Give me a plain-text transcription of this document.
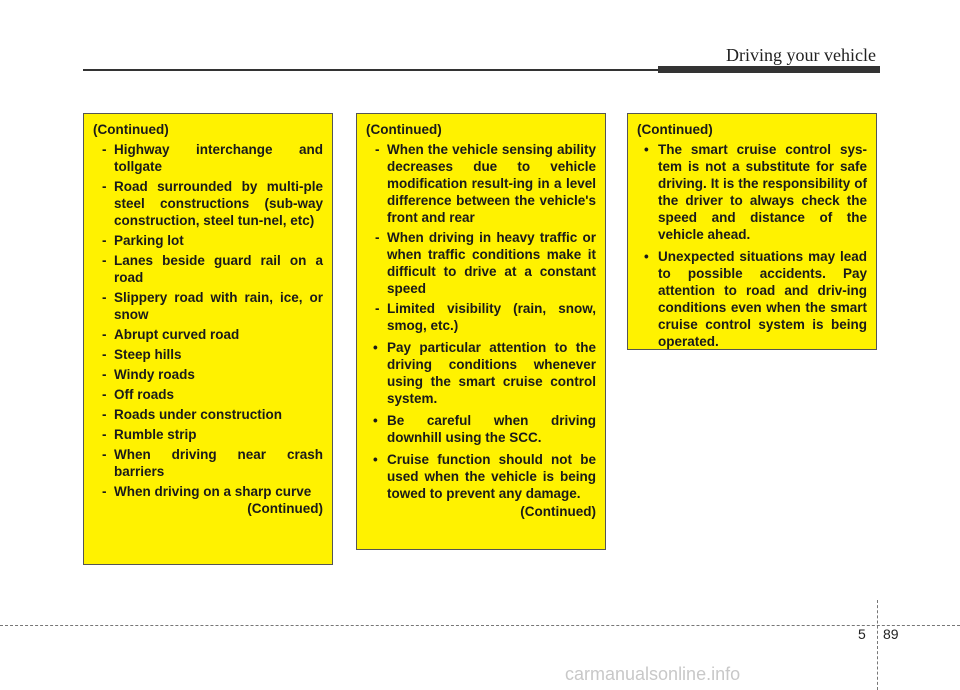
Driving your vehicle
(Continued)
- Highway interchange and tollgate
- Road surrounded by multi-ple steel constructions (sub-way construction, steel tun-nel, etc)
- Parking lot
- Lanes beside guard rail on a road
- Slippery road with rain, ice, or snow
- Abrupt curved road
- Steep hills
- Windy roads
- Off roads
- Roads under construction
- Rumble strip
- When driving near crash barriers
- When driving on a sharp curve
(Continued)
(Continued)
- When the vehicle sensing ability decreases due to vehicle modification result-ing in a level difference between the vehicle's front and rear
- When driving in heavy traffic or when traffic conditions make it difficult to drive at a constant speed
- Limited visibility (rain, snow, smog, etc.)
• Pay particular attention to the driving conditions whenever using the smart cruise control system.
• Be careful when driving downhill using the SCC.
• Cruise function should not be used when the vehicle is being towed to prevent any damage.
(Continued)
(Continued)
• The smart cruise control sys-tem is not a substitute for safe driving. It is the responsibility of the driver to always check the speed and distance of the vehicle ahead.
• Unexpected situations may lead to possible accidents. Pay attention to road and driv-ing conditions even when the smart cruise control system is being operated.
5 89
carmanualsonline.info
